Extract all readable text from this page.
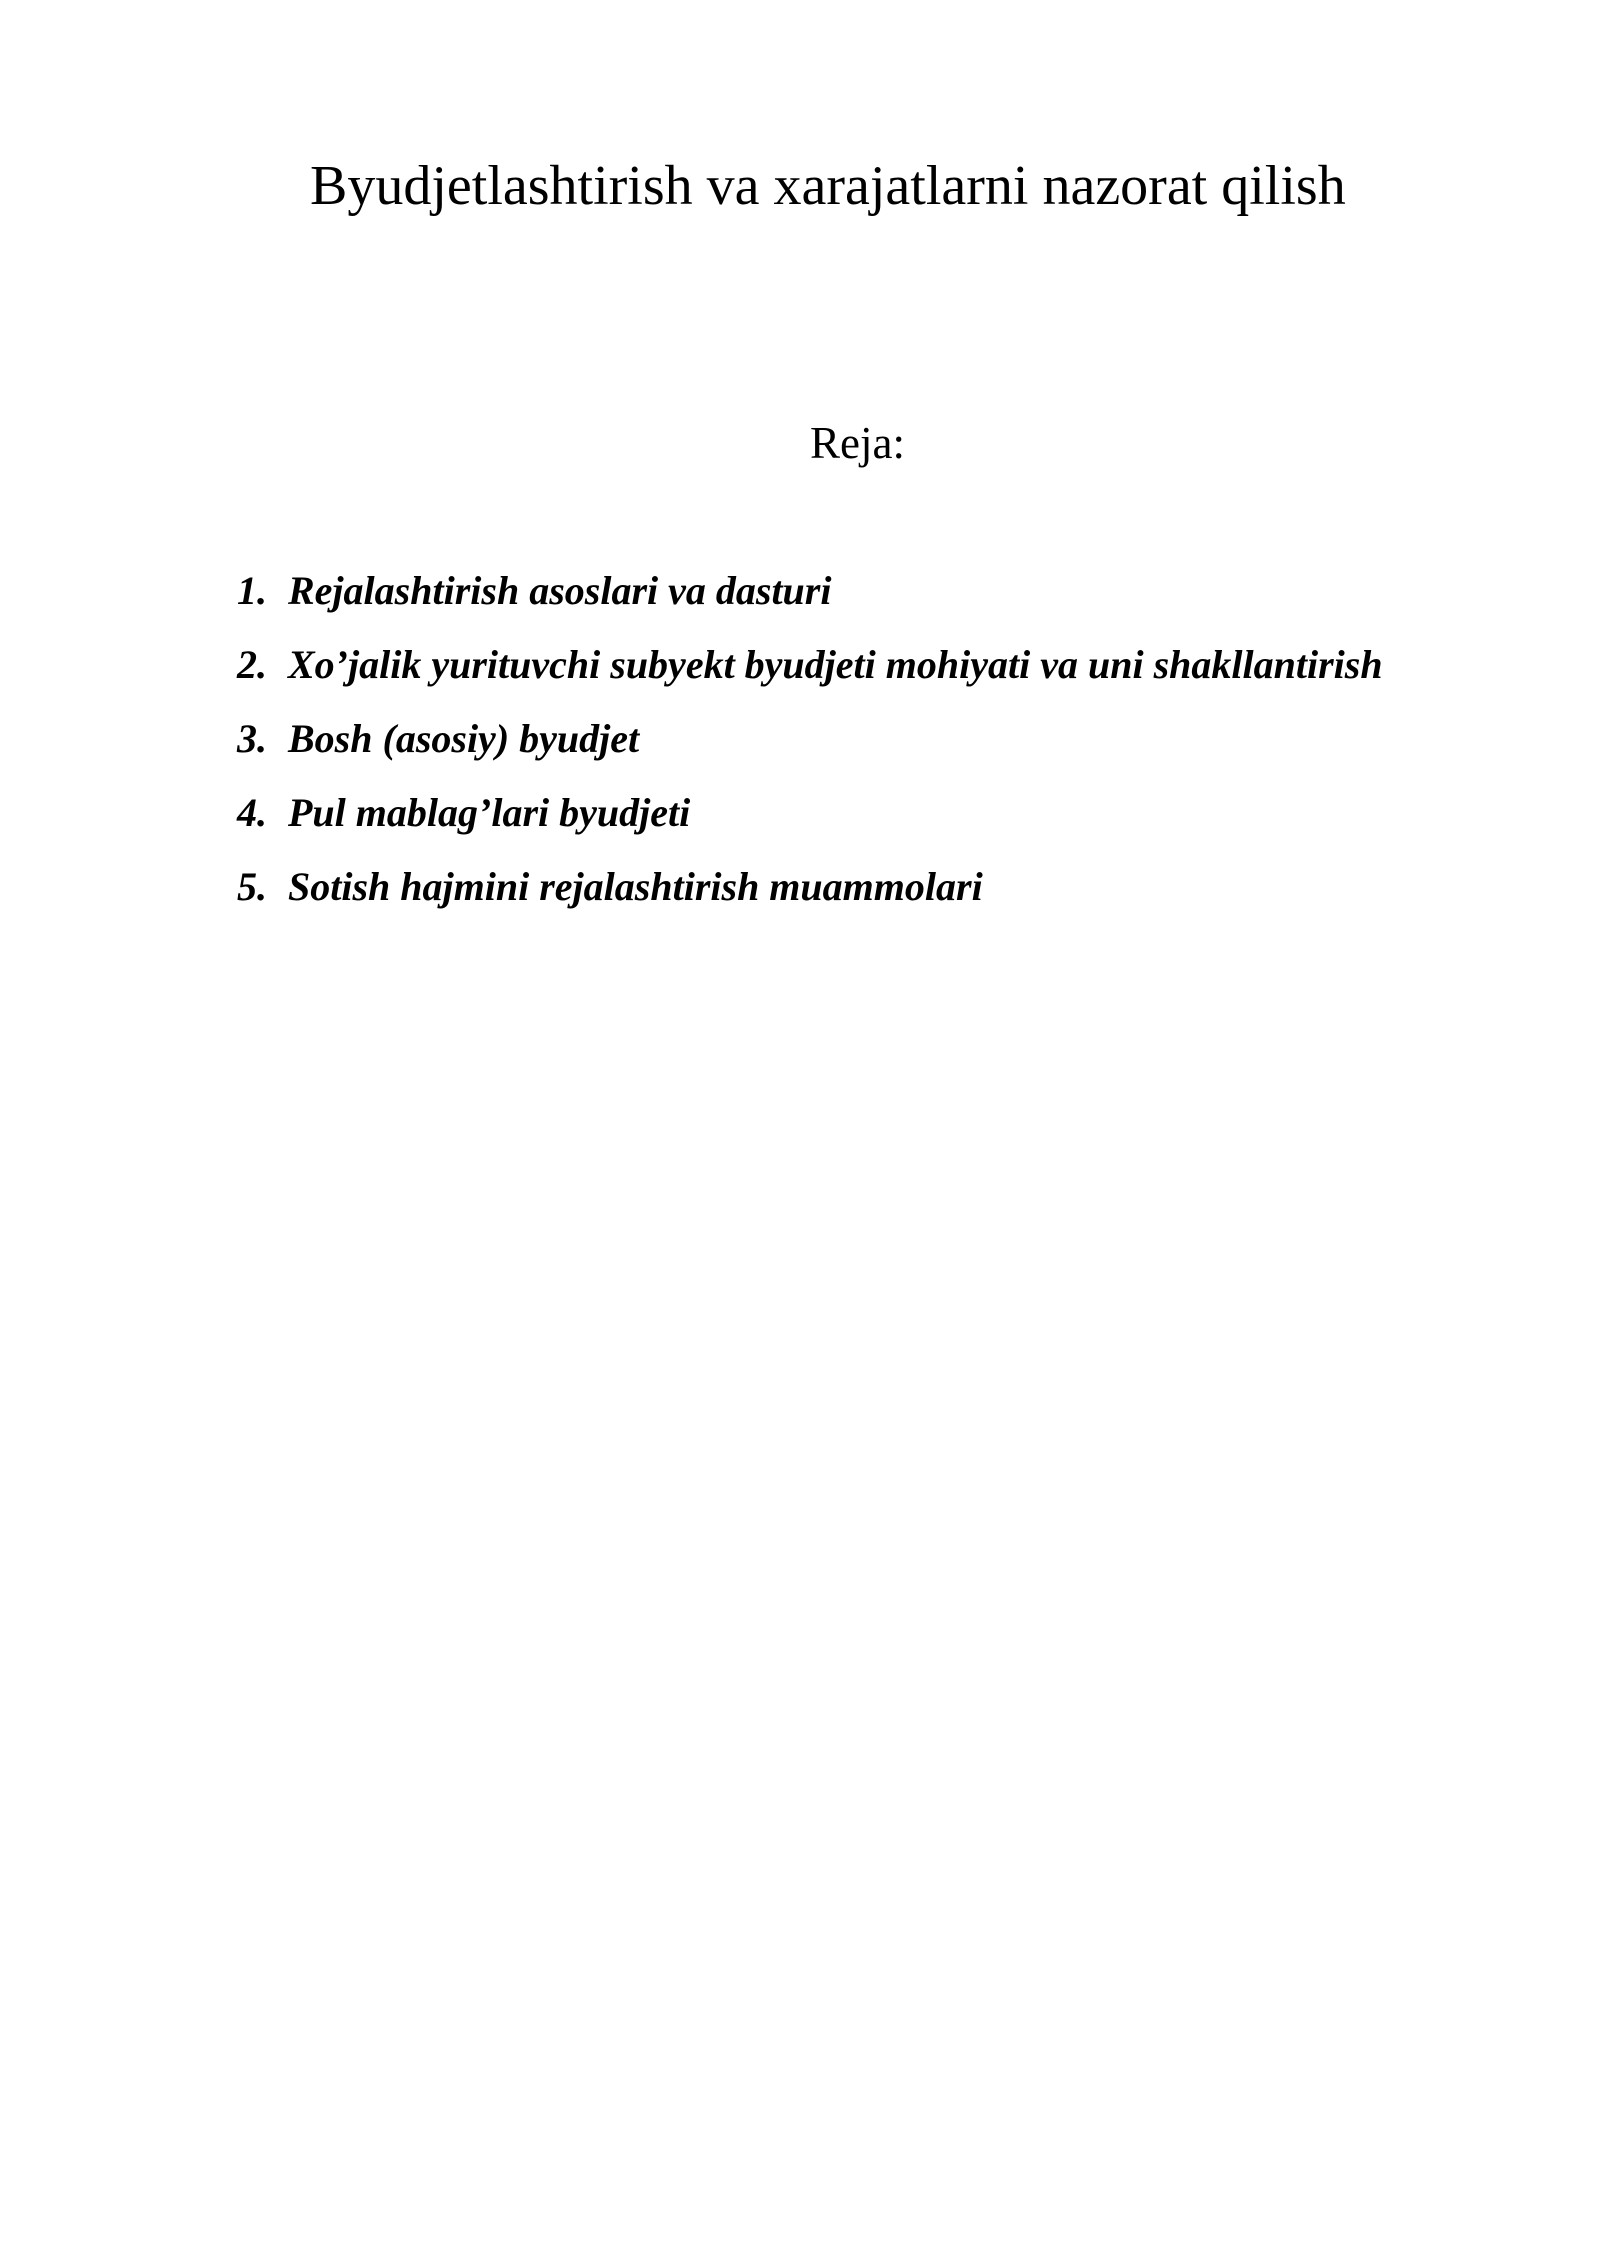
Byudjetlashtirish va xarajatlarni nazorat qilish
Reja:
1. Rejalashtirish asoslari va dasturi
2. Xo’jalik yurituvchi subyekt byudjeti mohiyati va uni shakllantirish
3. Bosh (asosiy) byudjet
4. Pul mablag’lari byudjeti
5. Sotish hajmini rejalashtirish muammolari
